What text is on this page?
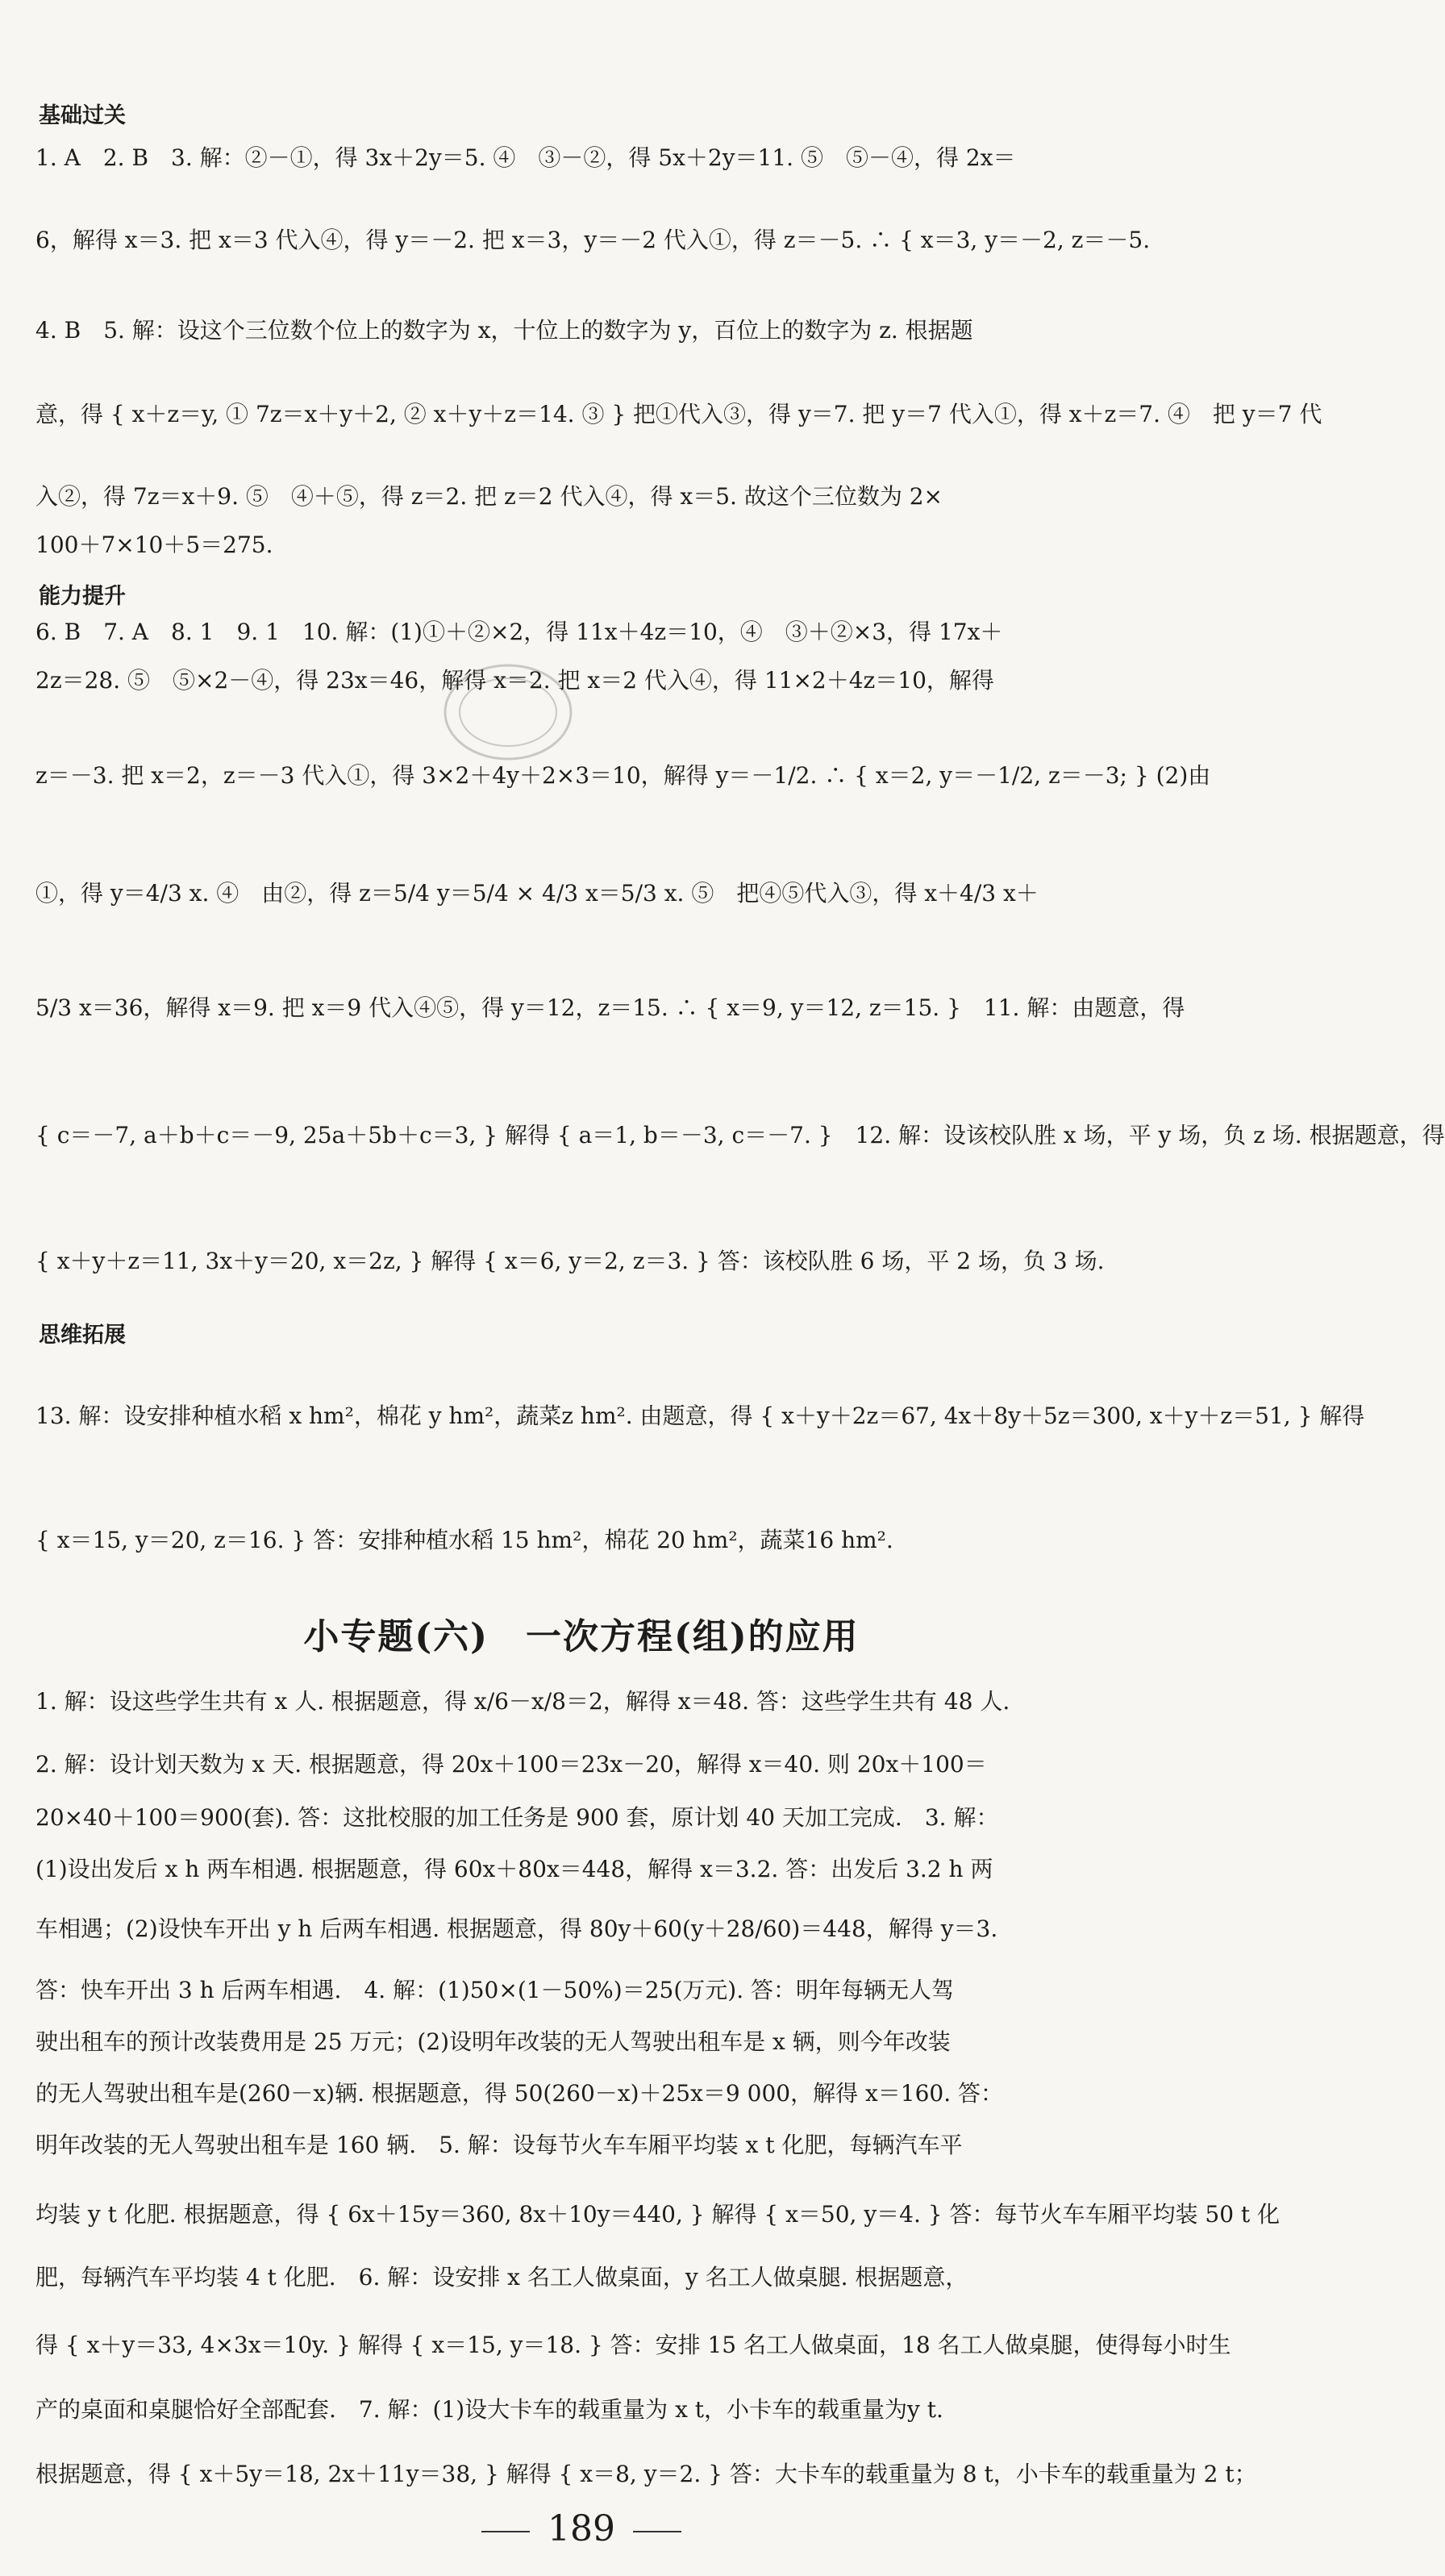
基础过关
1. A　2. B　3. 解：②－①，得 3x＋2y＝5. ④　③－②，得 5x＋2y＝11. ⑤　⑤－④，得 2x＝
6，解得 x＝3. 把 x＝3 代入④，得 y＝－2. 把 x＝3，y＝－2 代入①，得 z＝－5. ∴ { x＝3, y＝－2, z＝－5.
4. B　5. 解：设这个三位数个位上的数字为 x，十位上的数字为 y，百位上的数字为 z. 根据题
意，得 { x＋z＝y, ① 7z＝x＋y＋2, ② x＋y＋z＝14. ③ } 把①代入③，得 y＝7. 把 y＝7 代入①，得 x＋z＝7. ④　把 y＝7 代
入②，得 7z＝x＋9. ⑤　④＋⑤，得 z＝2. 把 z＝2 代入④，得 x＝5. 故这个三位数为 2×
100＋7×10＋5＝275.
能力提升
6. B　7. A　8. 1　9. 1　10. 解：(1)①＋②×2，得 11x＋4z＝10，④　③＋②×3，得 17x＋
2z＝28. ⑤　⑤×2－④，得 23x＝46，解得 x＝2. 把 x＝2 代入④，得 11×2＋4z＝10，解得
z＝－3. 把 x＝2，z＝－3 代入①，得 3×2＋4y＋2×3＝10，解得 y＝－1/2. ∴ { x＝2, y＝－1/2, z＝－3; } (2)由
①，得 y＝4/3 x. ④　由②，得 z＝5/4 y＝5/4 × 4/3 x＝5/3 x. ⑤　把④⑤代入③，得 x＋4/3 x＋
5/3 x＝36，解得 x＝9. 把 x＝9 代入④⑤，得 y＝12，z＝15. ∴ { x＝9, y＝12, z＝15. }　11. 解：由题意，得
{ c＝－7, a＋b＋c＝－9, 25a＋5b＋c＝3, } 解得 { a＝1, b＝－3, c＝－7. }　12. 解：设该校队胜 x 场，平 y 场，负 z 场. 根据题意，得
{ x＋y＋z＝11, 3x＋y＝20, x＝2z, } 解得 { x＝6, y＝2, z＝3. } 答：该校队胜 6 场，平 2 场，负 3 场.
思维拓展
13. 解：设安排种植水稻 x hm²，棉花 y hm²，蔬菜z hm². 由题意，得 { x＋y＋2z＝67, 4x＋8y＋5z＝300, x＋y＋z＝51, } 解得
{ x＝15, y＝20, z＝16. } 答：安排种植水稻 15 hm²，棉花 20 hm²，蔬菜16 hm².
小专题(六)　一次方程(组)的应用
1. 解：设这些学生共有 x 人. 根据题意，得 x/6－x/8＝2，解得 x＝48. 答：这些学生共有 48 人.
2. 解：设计划天数为 x 天. 根据题意，得 20x＋100＝23x－20，解得 x＝40. 则 20x＋100＝
20×40＋100＝900(套). 答：这批校服的加工任务是 900 套，原计划 40 天加工完成.　3. 解：
(1)设出发后 x h 两车相遇. 根据题意，得 60x＋80x＝448，解得 x＝3.2. 答：出发后 3.2 h 两
车相遇；(2)设快车开出 y h 后两车相遇. 根据题意，得 80y＋60(y＋28/60)＝448，解得 y＝3.
答：快车开出 3 h 后两车相遇.　4. 解：(1)50×(1－50%)＝25(万元). 答：明年每辆无人驾
驶出租车的预计改装费用是 25 万元；(2)设明年改装的无人驾驶出租车是 x 辆，则今年改装
的无人驾驶出租车是(260－x)辆. 根据题意，得 50(260－x)＋25x＝9 000，解得 x＝160. 答：
明年改装的无人驾驶出租车是 160 辆.　5. 解：设每节火车车厢平均装 x t 化肥，每辆汽车平
均装 y t 化肥. 根据题意，得 { 6x＋15y＝360, 8x＋10y＝440, } 解得 { x＝50, y＝4. } 答：每节火车车厢平均装 50 t 化
肥，每辆汽车平均装 4 t 化肥.　6. 解：设安排 x 名工人做桌面，y 名工人做桌腿. 根据题意，
得 { x＋y＝33, 4×3x＝10y. } 解得 { x＝15, y＝18. } 答：安排 15 名工人做桌面，18 名工人做桌腿，使得每小时生
产的桌面和桌腿恰好全部配套.　7. 解：(1)设大卡车的载重量为 x t，小卡车的载重量为y t.
根据题意，得 { x＋5y＝18, 2x＋11y＝38, } 解得 { x＝8, y＝2. } 答：大卡车的载重量为 8 t，小卡车的载重量为 2 t；
189
